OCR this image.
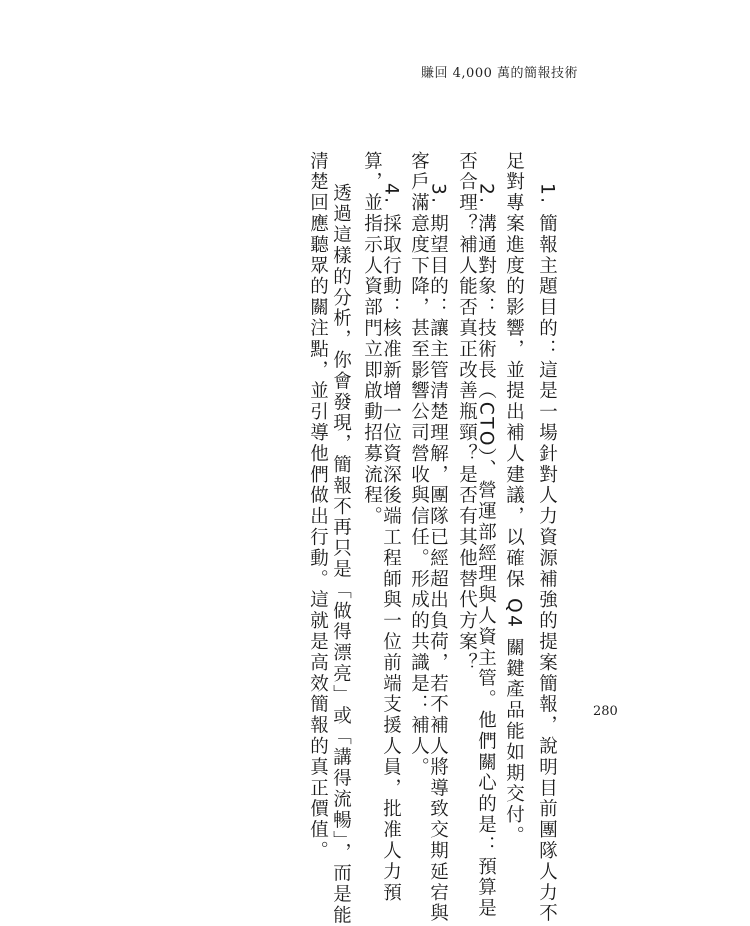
賺回 4,000 萬的簡報技術
1. 簡報主題目的：這是一場針對人力資源補強的提案簡報，說明目前團隊人力不
足對專案進度的影響，並提出補人建議，以確保 Q4 關鍵產品能如期交付。
2. 溝通對象：技術長（CTO）、營運部經理與人資主管。他們關心的是：預算是
否合理？補人能否真正改善瓶頸？是否有其他替代方案？
3. 期望目的：讓主管清楚理解，團隊已經超出負荷，若不補人將導致交期延宕與
客戶滿意度下降，甚至影響公司營收與信任。形成的共識是：補人。
4. 採取行動：核准新增一位資深後端工程師與一位前端支援人員，批准人力預
算，並指示人資部門立即啟動招募流程。
透過這樣的分析，你會發現，簡報不再只是「做得漂亮」或「講得流暢」，而是能
清楚回應聽眾的關注點，並引導他們做出行動。這就是高效簡報的真正價值。	280
